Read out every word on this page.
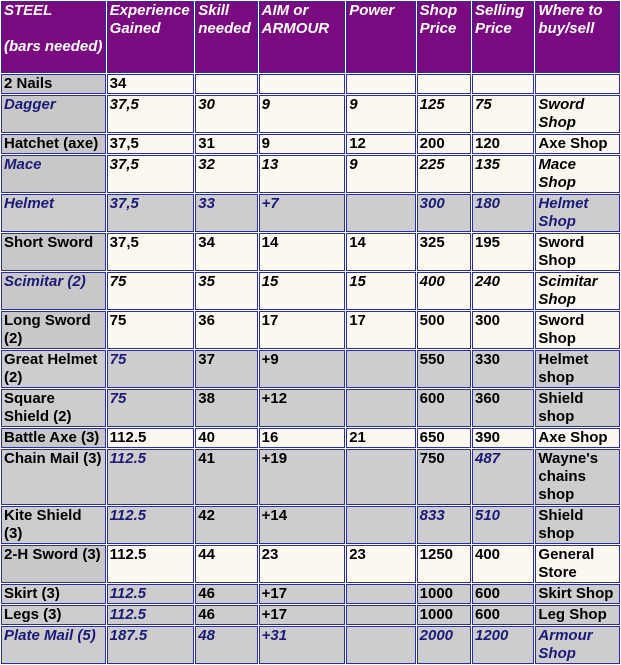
STEEL

(bars needed)	Experience Gained	Skill needed	AIM or ARMOUR	Power	Shop Price	Selling Price	Where to buy/sell
2 Nails	34						
Dagger	37,5	30	9	9	125	75	Sword Shop
Hatchet (axe)	37,5	31	9	12	200	120	Axe Shop
Mace	37,5	32	13	9	225	135	Mace Shop
Helmet	37,5	33	+7		300	180	Helmet Shop
Short Sword	37,5	34	14	14	325	195	Sword Shop
Scimitar (2)	75	35	15	15	400	240	Scimitar Shop
Long Sword (2)	75	36	17	17	500	300	Sword Shop
Great Helmet (2)	75	37	+9		550	330	Helmet shop
Square Shield (2)	75	38	+12		600	360	Shield shop
Battle Axe (3)	112.5	40	16	21	650	390	Axe Shop
Chain Mail (3)	112.5	41	+19		750	487	Wayne's chains shop
Kite Shield (3)	112.5	42	+14		833	510	Shield shop
2-H Sword (3)	112.5	44	23	23	1250	400	General Store
Skirt (3)	112.5	46	+17		1000	600	Skirt Shop
Legs (3)	112.5	46	+17		1000	600	Leg Shop
Plate Mail (5)	187.5	48	+31		2000	1200	Armour Shop
